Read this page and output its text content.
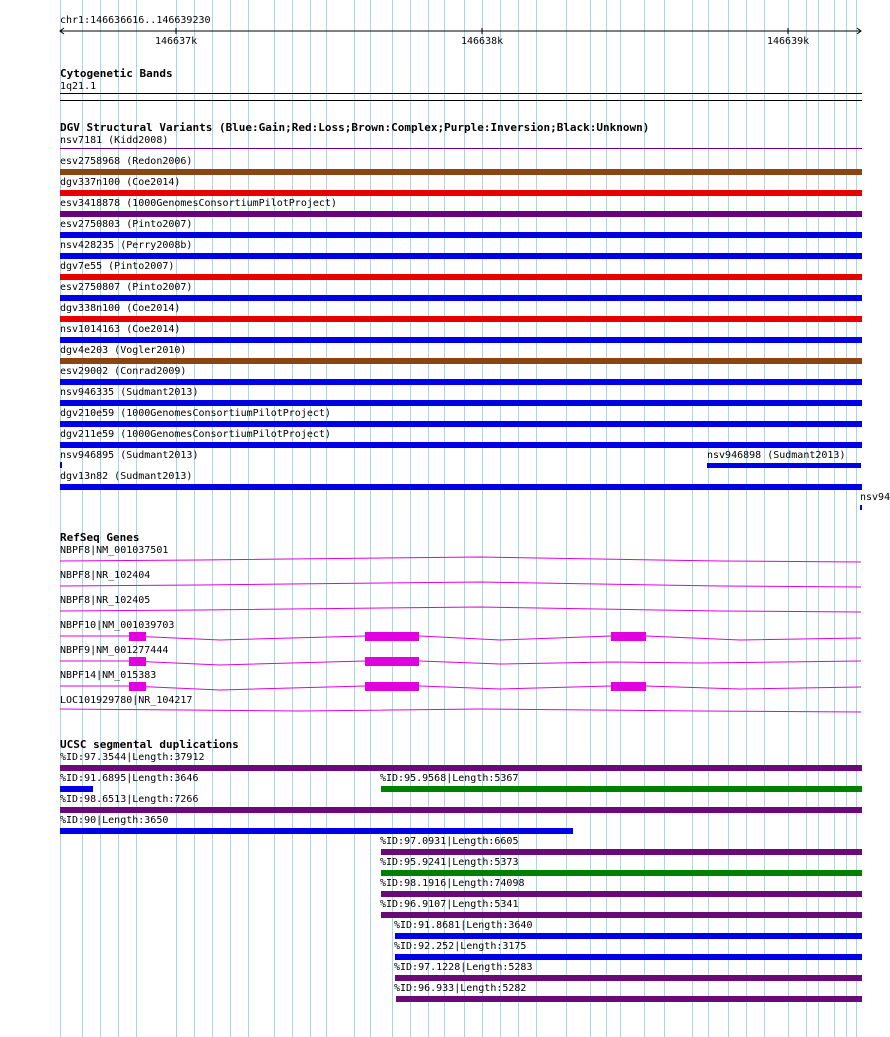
chr1:146636616..146639230
146637k	146638k	146639k
Cytogenetic Bands
1q21.1
DGV Structural Variants (Blue:Gain;Red:Loss;Brown:Complex;Purple:Inversion;Black:Unknown)
nsv7181 (Kidd2008)
esv2758968 (Redon2006)
dgv337n100 (Coe2014)
esv3418878 (1000GenomesConsortiumPilotProject)
esv2750803 (Pinto2007)
nsv428235 (Perry2008b)
dgv7e55 (Pinto2007)
esv2750807 (Pinto2007)
dgv338n100 (Coe2014)
nsv1014163 (Coe2014)
dgv4e203 (Vogler2010)
esv29002 (Conrad2009)
nsv946335 (Sudmant2013)
dgv210e59 (1000GenomesConsortiumPilotProject)
dgv211e59 (1000GenomesConsortiumPilotProject)
nsv946895 (Sudmant2013)	nsv946898 (Sudmant2013)
dgv13n82 (Sudmant2013)
nsv94
RefSeq Genes
NBPF8|NM_001037501
NBPF8|NR_102404
NBPF8|NR_102405
NBPF10|NM_001039703
NBPF9|NM_001277444
NBPF14|NM_015383
LOC101929780|NR_104217
UCSC segmental duplications
%ID:97.3544|Length:37912
%ID:91.6895|Length:3646	%ID:95.9568|Length:5367
%ID:98.6513|Length:7266
%ID:90|Length:3650
%ID:97.0931|Length:6605
%ID:95.9241|Length:5373
%ID:98.1916|Length:74098
%ID:96.9107|Length:5341
%ID:91.8681|Length:3640
%ID:92.252|Length:3175
%ID:97.1228|Length:5283
%ID:96.933|Length:5282
